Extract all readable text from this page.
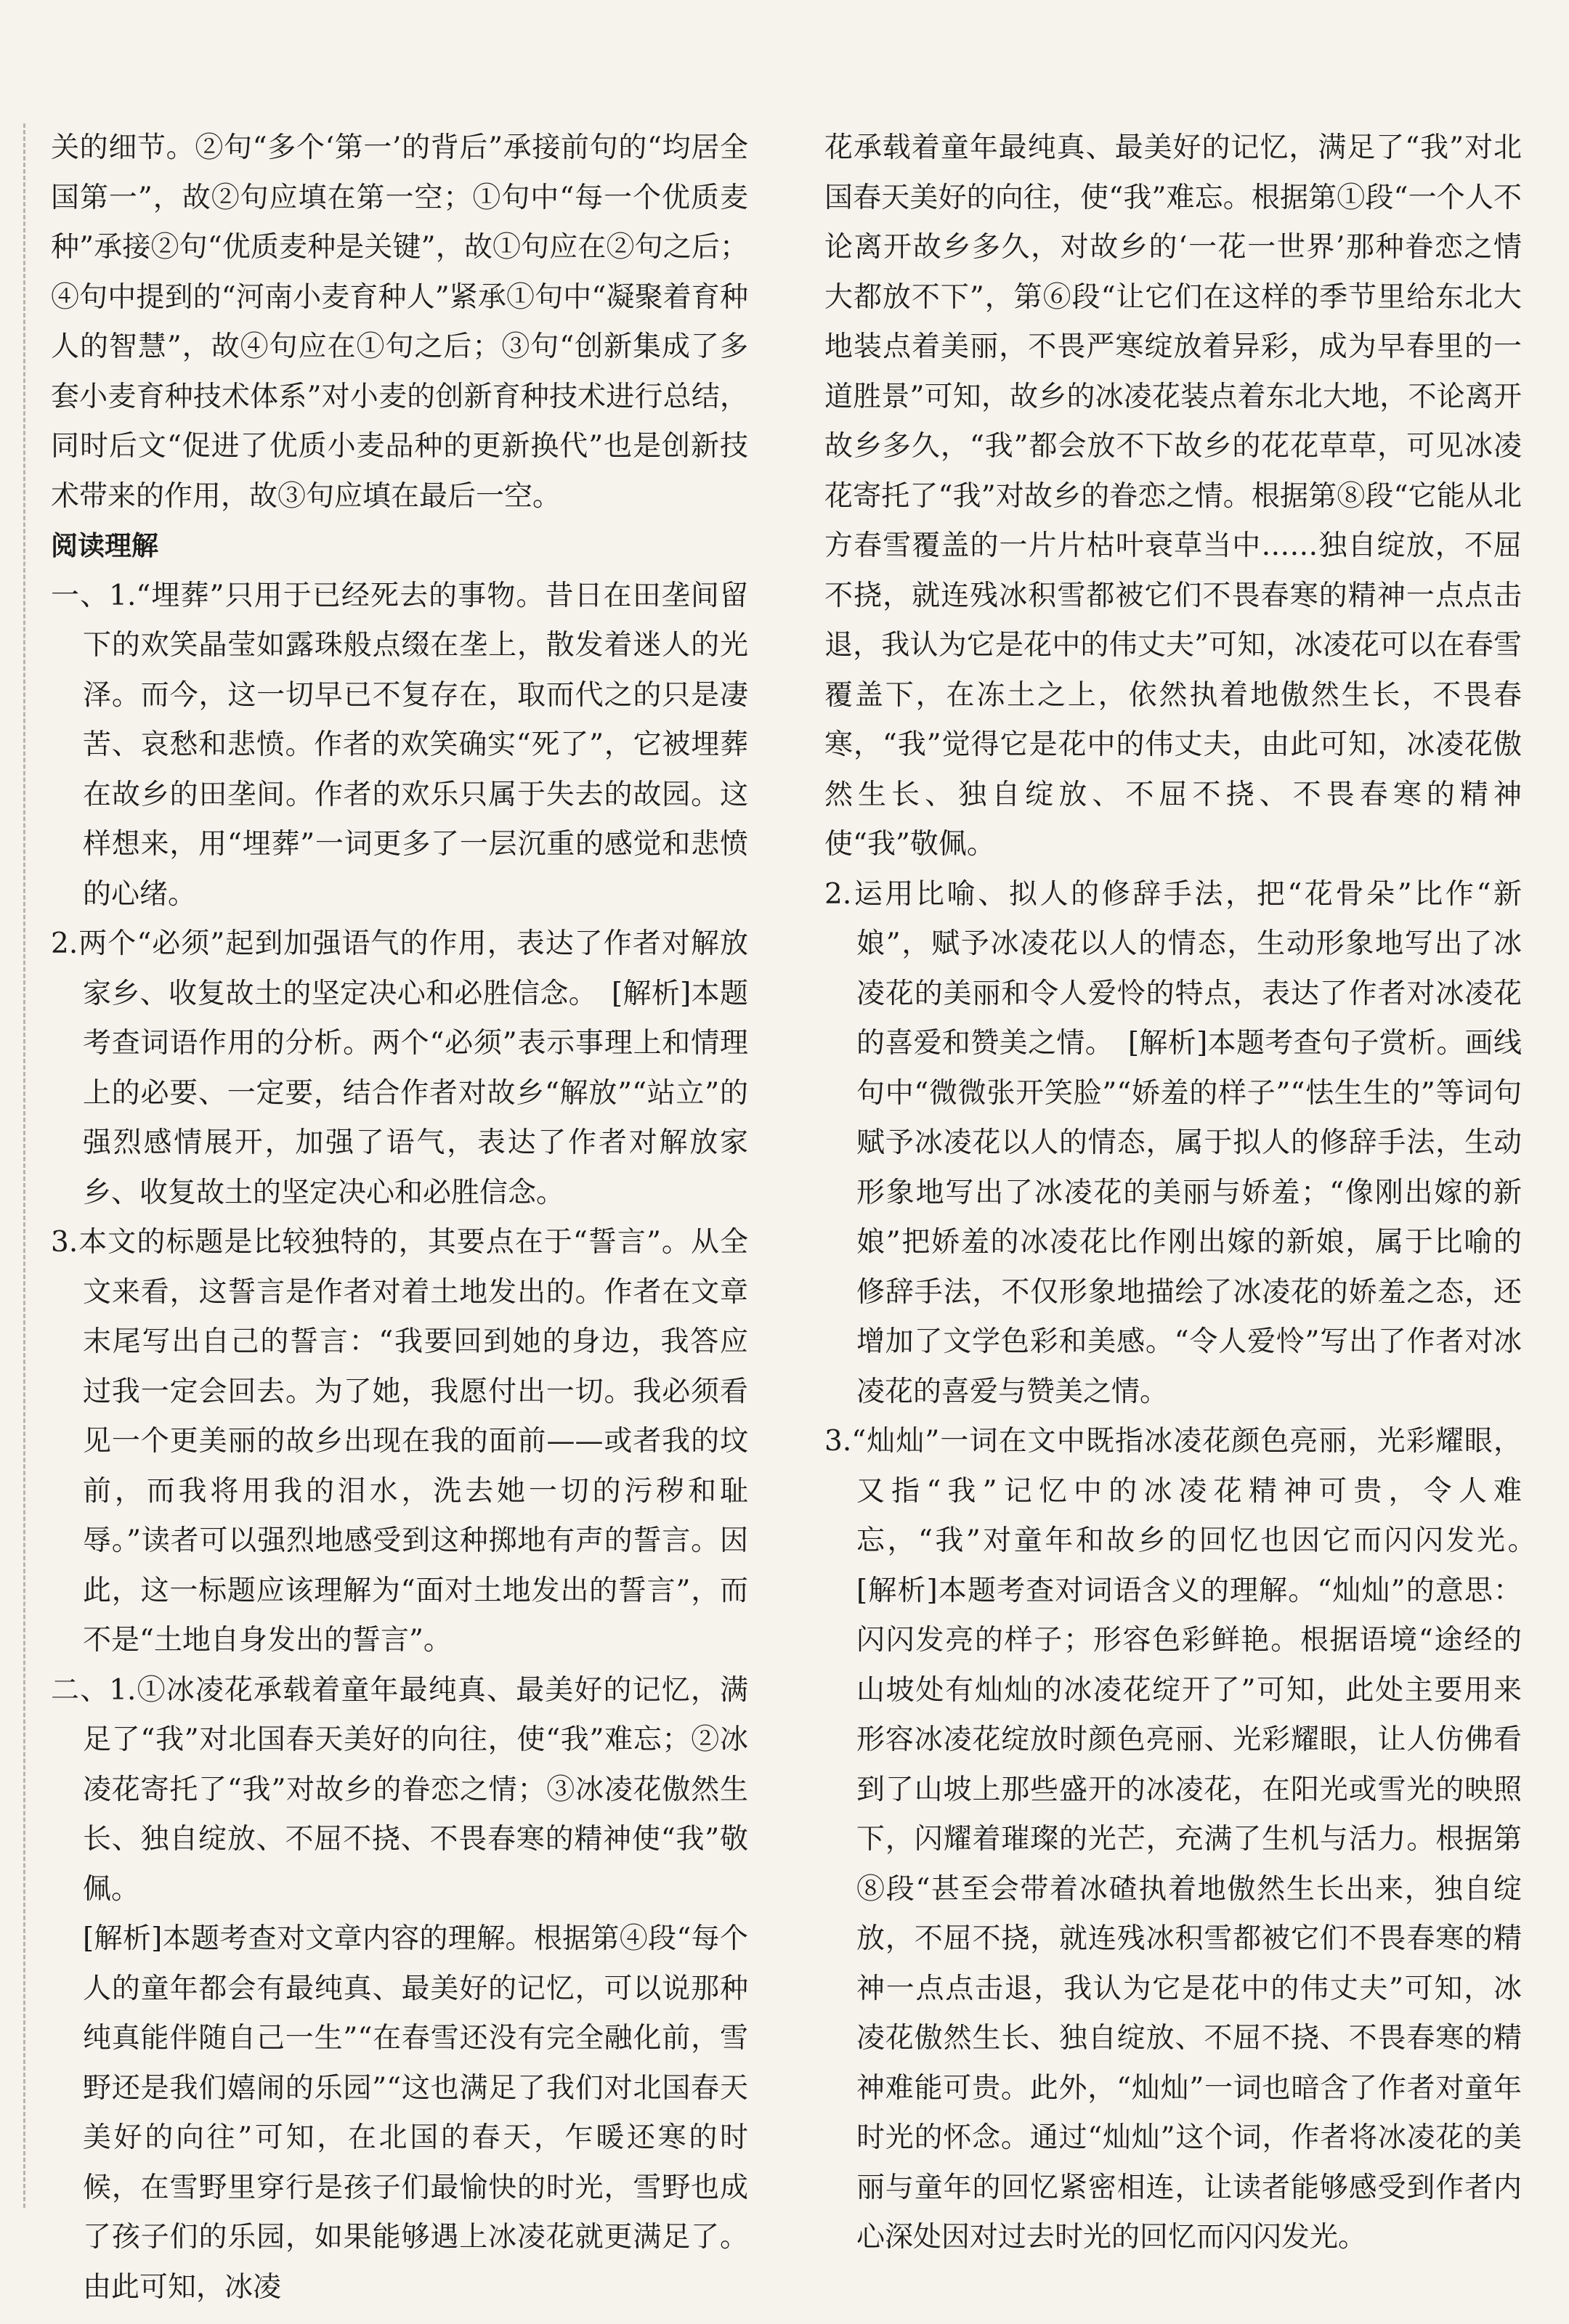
关的细节。②句“多个‘第一’的背后”承接前句的“均居全国第一”，故②句应填在第一空；①句中“每一个优质麦种”承接②句“优质麦种是关键”，故①句应在②句之后；④句中提到的“河南小麦育种人”紧承①句中“凝聚着育种人的智慧”，故④句应在①句之后；③句“创新集成了多套小麦育种技术体系”对小麦的创新育种技术进行总结，同时后文“促进了优质小麦品种的更新换代”也是创新技术带来的作用，故③句应填在最后一空。

阅读理解

一、1.“埋葬”只用于已经死去的事物。昔日在田垄间留下的欢笑晶莹如露珠般点缀在垄上，散发着迷人的光泽。而今，这一切早已不复存在，取而代之的只是凄苦、哀愁和悲愤。作者的欢笑确实“死了”，它被埋葬在故乡的田垄间。作者的欢乐只属于失去的故园。这样想来，用“埋葬”一词更多了一层沉重的感觉和悲愤的心绪。

2.两个“必须”起到加强语气的作用，表达了作者对解放家乡、收复故土的坚定决心和必胜信念。　[解析]本题考查词语作用的分析。两个“必须”表示事理上和情理上的必要、一定要，结合作者对故乡“解放”“站立”的强烈感情展开，加强了语气，表达了作者对解放家乡、收复故土的坚定决心和必胜信念。

3.本文的标题是比较独特的，其要点在于“誓言”。从全文来看，这誓言是作者对着土地发出的。作者在文章末尾写出自己的誓言：“我要回到她的身边，我答应过我一定会回去。为了她，我愿付出一切。我必须看见一个更美丽的故乡出现在我的面前——或者我的坟前，而我将用我的泪水，洗去她一切的污秽和耻辱。”读者可以强烈地感受到这种掷地有声的誓言。因此，这一标题应该理解为“面对土地发出的誓言”，而不是“土地自身发出的誓言”。

二、1.①冰凌花承载着童年最纯真、最美好的记忆，满足了“我”对北国春天美好的向往，使“我”难忘；②冰凌花寄托了“我”对故乡的眷恋之情；③冰凌花傲然生长、独自绽放、不屈不挠、不畏春寒的精神使“我”敬佩。

[解析]本题考查对文章内容的理解。根据第④段“每个人的童年都会有最纯真、最美好的记忆，可以说那种纯真能伴随自己一生”“在春雪还没有完全融化前，雪野还是我们嬉闹的乐园”“这也满足了我们对北国春天美好的向往”可知，在北国的春天，乍暖还寒的时候，在雪野里穿行是孩子们最愉快的时光，雪野也成了孩子们的乐园，如果能够遇上冰凌花就更满足了。由此可知，冰凌

花承载着童年最纯真、最美好的记忆，满足了“我”对北国春天美好的向往，使“我”难忘。根据第①段“一个人不论离开故乡多久，对故乡的‘一花一世界’那种眷恋之情大都放不下”，第⑥段“让它们在这样的季节里给东北大地装点着美丽，不畏严寒绽放着异彩，成为早春里的一道胜景”可知，故乡的冰凌花装点着东北大地，不论离开故乡多久，“我”都会放不下故乡的花花草草，可见冰凌花寄托了“我”对故乡的眷恋之情。根据第⑧段“它能从北方春雪覆盖的一片片枯叶衰草当中……独自绽放，不屈不挠，就连残冰积雪都被它们不畏春寒的精神一点点击退，我认为它是花中的伟丈夫”可知，冰凌花可以在春雪覆盖下，在冻土之上，依然执着地傲然生长，不畏春寒，“我”觉得它是花中的伟丈夫，由此可知，冰凌花傲然生长、独自绽放、不屈不挠、不畏春寒的精神使“我”敬佩。

2.运用比喻、拟人的修辞手法，把“花骨朵”比作“新娘”，赋予冰凌花以人的情态，生动形象地写出了冰凌花的美丽和令人爱怜的特点，表达了作者对冰凌花的喜爱和赞美之情。　[解析]本题考查句子赏析。画线句中“微微张开笑脸”“娇羞的样子”“怯生生的”等词句赋予冰凌花以人的情态，属于拟人的修辞手法，生动形象地写出了冰凌花的美丽与娇羞；“像刚出嫁的新娘”把娇羞的冰凌花比作刚出嫁的新娘，属于比喻的修辞手法，不仅形象地描绘了冰凌花的娇羞之态，还增加了文学色彩和美感。“令人爱怜”写出了作者对冰凌花的喜爱与赞美之情。

3.“灿灿”一词在文中既指冰凌花颜色亮丽，光彩耀眼，又指“我”记忆中的冰凌花精神可贵，令人难忘，“我”对童年和故乡的回忆也因它而闪闪发光。　[解析]本题考查对词语含义的理解。“灿灿”的意思：闪闪发亮的样子；形容色彩鲜艳。根据语境“途经的山坡处有灿灿的冰凌花绽开了”可知，此处主要用来形容冰凌花绽放时颜色亮丽、光彩耀眼，让人仿佛看到了山坡上那些盛开的冰凌花，在阳光或雪光的映照下，闪耀着璀璨的光芒，充满了生机与活力。根据第⑧段“甚至会带着冰碴执着地傲然生长出来，独自绽放，不屈不挠，就连残冰积雪都被它们不畏春寒的精神一点点击退，我认为它是花中的伟丈夫”可知，冰凌花傲然生长、独自绽放、不屈不挠、不畏春寒的精神难能可贵。此外，“灿灿”一词也暗含了作者对童年时光的怀念。通过“灿灿”这个词，作者将冰凌花的美丽与童年的回忆紧密相连，让读者能够感受到作者内心深处因对过去时光的回忆而闪闪发光。
